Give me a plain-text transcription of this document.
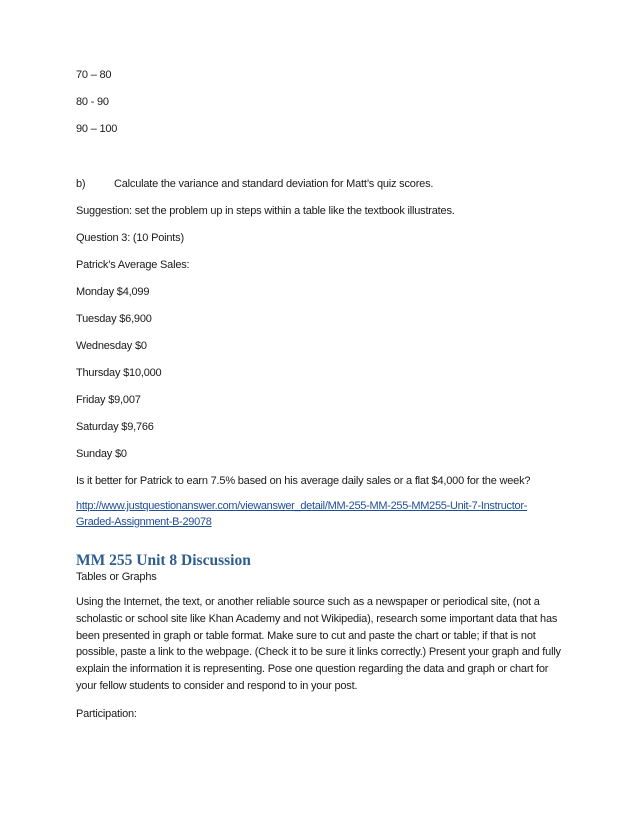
70 – 80

80 - 90

90 – 100

b)	Calculate the variance and standard deviation for Matt’s quiz scores.

Suggestion: set the problem up in steps within a table like the textbook illustrates.

Question 3: (10 Points)

Patrick’s Average Sales:

Monday $4,099

Tuesday $6,900

Wednesday $0

Thursday $10,000

Friday $9,007

Saturday $9,766

Sunday $0

Is it better for Patrick to earn 7.5% based on his average daily sales or a flat $4,000 for the week?

http://www.justquestionanswer.com/viewanswer_detail/MM-255-MM-255-MM255-Unit-7-Instructor-
Graded-Assignment-B-29078
MM 255 Unit 8 Discussion

Tables or Graphs

Using the Internet, the text, or another reliable source such as a newspaper or periodical site, (not a

scholastic or school site like Khan Academy and not Wikipedia), research some important data that has

been presented in graph or table format. Make sure to cut and paste the chart or table; if that is not

possible, paste a link to the webpage. (Check it to be sure it links correctly.) Present your graph and fully

explain the information it is representing. Pose one question regarding the data and graph or chart for

your fellow students to consider and respond to in your post.

Participation:
